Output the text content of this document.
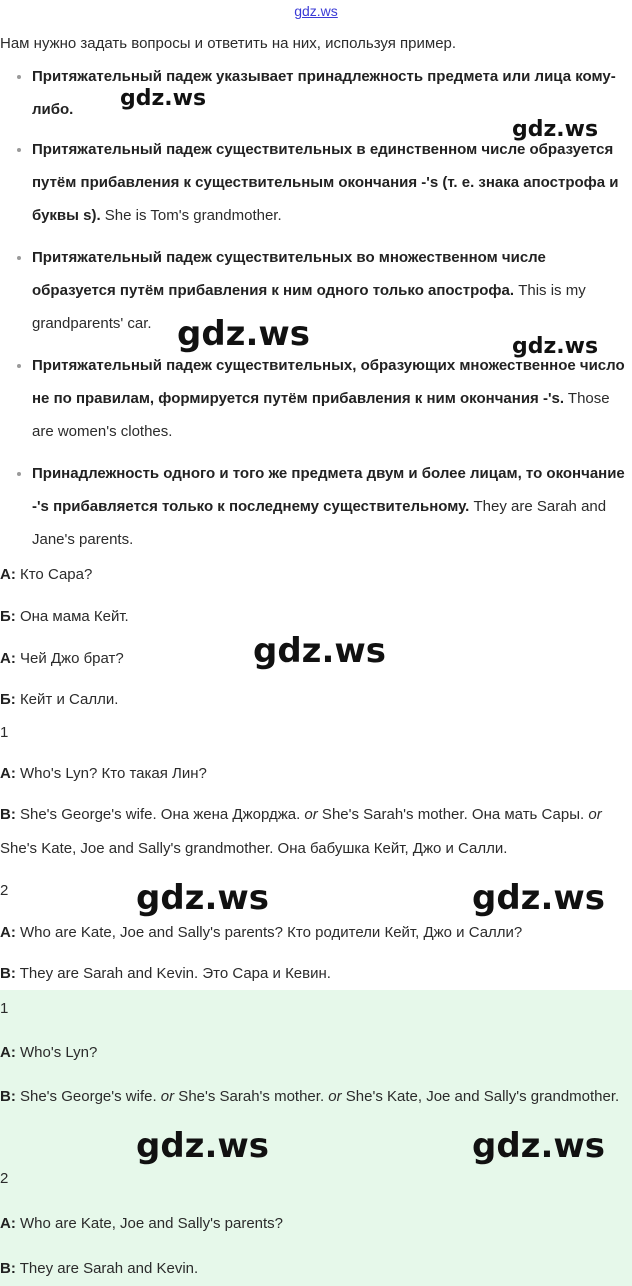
gdz.ws
Нам нужно задать вопросы и ответить на них, используя пример.
Притяжательный падеж указывает принадлежность предмета или лица кому-либо.
Притяжательный падеж существительных в единственном числе образуется путём прибавления к существительным окончания -'s (т. е. знака апострофа и буквы s). She is Tom's grandmother.
Притяжательный падеж существительных во множественном числе образуется путём прибавления к ним одного только апострофа. This is my grandparents' car.
Притяжательный падеж существительных, образующих множественное число не по правилам, формируется путём прибавления к ним окончания -'s. Those are women's clothes.
Принадлежность одного и того же предмета двум и более лицам, то окончание -'s прибавляется только к последнему существительному. They are Sarah and Jane's parents.
А: Кто Сара?
Б: Она мама Кейт.
А: Чей Джо брат?
Б: Кейт и Салли.
1
A: Who's Lyn? Кто такая Лин?
B: She's George's wife. Она жена Джорджа. or She's Sarah's mother. Она мать Сары. or She's Kate, Joe and Sally's grandmother. Она бабушка Кейт, Джо и Салли.
2
A: Who are Kate, Joe and Sally's parents? Кто родители Кейт, Джо и Салли?
B: They are Sarah and Kevin. Это Сара и Кевин.
1
A: Who's Lyn?
B: She's George's wife. or She's Sarah's mother. or She's Kate, Joe and Sally's grandmother.
2
A: Who are Kate, Joe and Sally's parents?
B: They are Sarah and Kevin.
gdz.ws
gdz.ws
gdz.ws	gdz.ws
gdz.ws
gdz.ws	gdz.ws
gdz.ws	gdz.ws
